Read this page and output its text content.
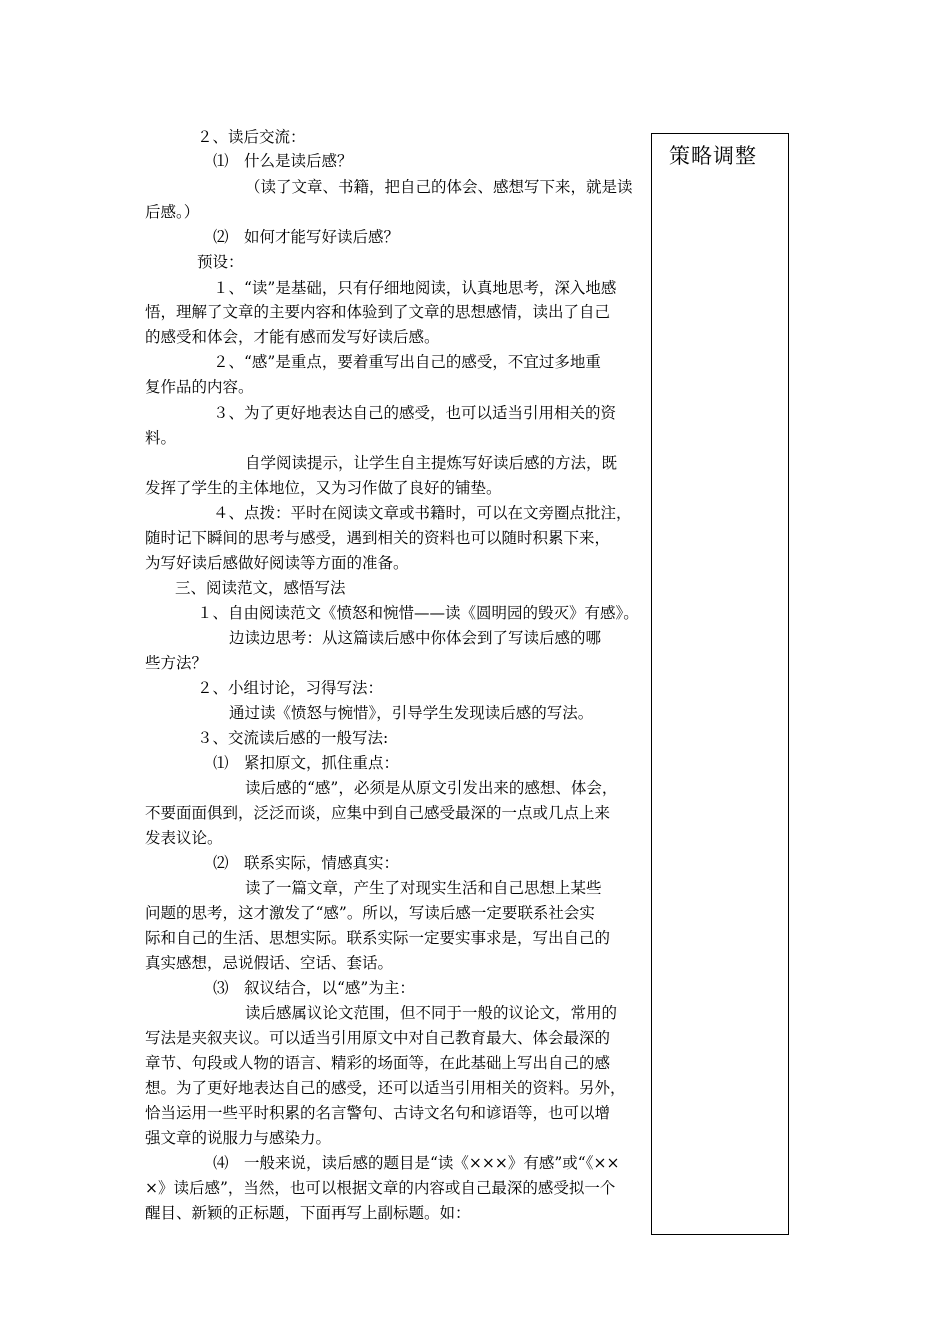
２、读后交流：
⑴　什么是读后感？
（读了文章、书籍，把自己的体会、感想写下来，就是读
后感。）
⑵　如何才能写好读后感？
预设：
１、“读”是基础，只有仔细地阅读，认真地思考，深入地感
悟，理解了文章的主要内容和体验到了文章的思想感情，读出了自己
的感受和体会，才能有感而发写好读后感。
２、“感”是重点，要着重写出自己的感受，不宜过多地重
复作品的内容。
３、为了更好地表达自己的感受，也可以适当引用相关的资
料。
自学阅读提示，让学生自主提炼写好读后感的方法，既
发挥了学生的主体地位，又为习作做了良好的铺垫。
４、点拨：平时在阅读文章或书籍时，可以在文旁圈点批注，
随时记下瞬间的思考与感受，遇到相关的资料也可以随时积累下来，
为写好读后感做好阅读等方面的准备。
三、阅读范文，感悟写法
１、自由阅读范文《愤怒和惋惜——读《圆明园的毁灭》有感》。
边读边思考：从这篇读后感中你体会到了写读后感的哪
些方法？
２、小组讨论，习得写法：
通过读《愤怒与惋惜》，引导学生发现读后感的写法。
３、交流读后感的一般写法:
⑴　紧扣原文，抓住重点：
读后感的“感”，必须是从原文引发出来的感想、体会，
不要面面俱到，泛泛而谈，应集中到自己感受最深的一点或几点上来
发表议论。
⑵　联系实际，情感真实：
读了一篇文章，产生了对现实生活和自己思想上某些
问题的思考，这才激发了“感”。所以，写读后感一定要联系社会实
际和自己的生活、思想实际。联系实际一定要实事求是，写出自己的
真实感想，忌说假话、空话、套话。
⑶　叙议结合，以“感”为主：
读后感属议论文范围，但不同于一般的议论文，常用的
写法是夹叙夹议。可以适当引用原文中对自己教育最大、体会最深的
章节、句段或人物的语言、精彩的场面等，在此基础上写出自己的感
想。为了更好地表达自己的感受，还可以适当引用相关的资料。另外，
恰当运用一些平时积累的名言警句、古诗文名句和谚语等，也可以增
强文章的说服力与感染力。
⑷　一般来说，读后感的题目是“读《×××》有感”或“《××
×》读后感”，当然，也可以根据文章的内容或自己最深的感受拟一个
醒目、新颖的正标题，下面再写上副标题。如：
策略调整
